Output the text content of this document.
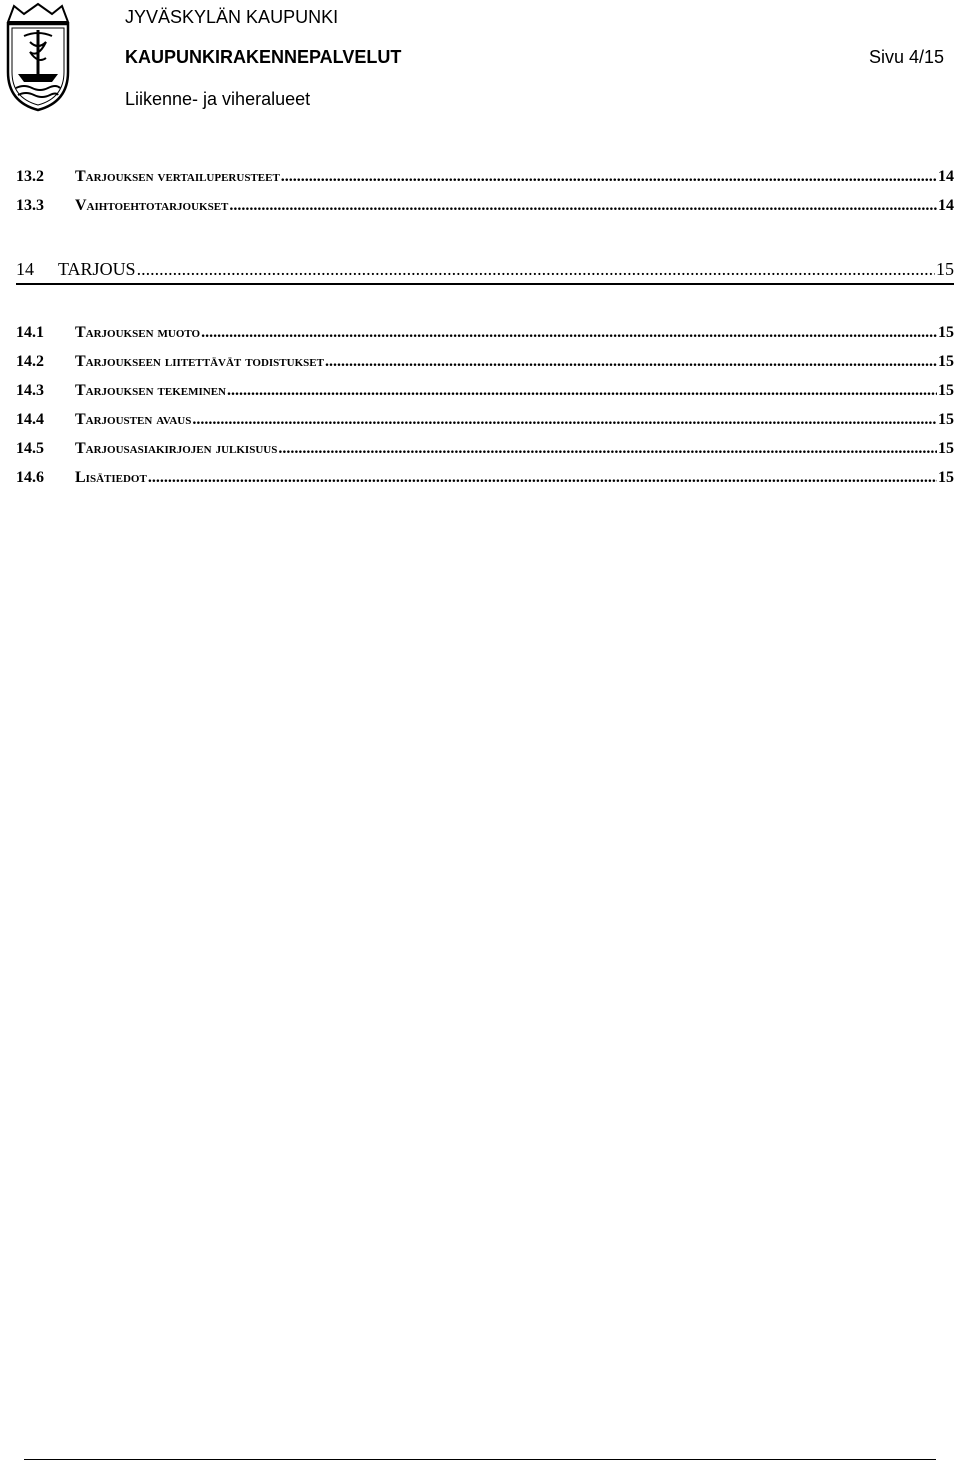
JYVÄSKYLÄN KAUPUNKI
KAUPUNKIRAKENNEPALVELUT	Sivu 4/15
Liikenne- ja viheralueet
13.2	Tarjouksen vertailuperusteet .....	14
13.3	Vaihtoehtotarjoukset .....	14
14	TARJOUS .....	15
14.1	Tarjouksen muoto .....	15
14.2	Tarjoukseen liitettävät todistukset .....	15
14.3	Tarjouksen tekeminen .....	15
14.4	Tarjousten avaus .....	15
14.5	Tarjousasiakirjojen julkisuus .....	15
14.6	Lisätiedot .....	15
